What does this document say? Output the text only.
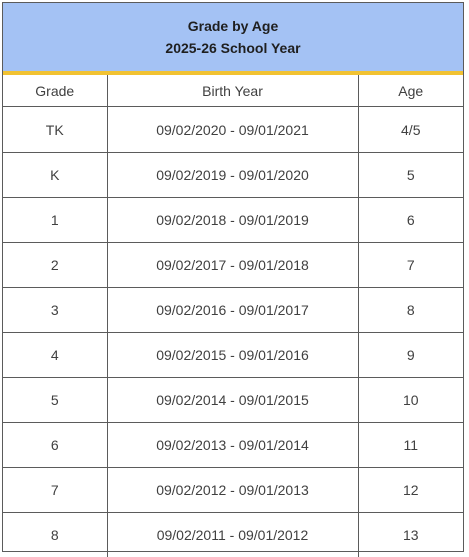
Grade by Age
2025-26 School Year
Grade	Birth Year	Age
TK	09/02/2020 - 09/01/2021	4/5
K	09/02/2019 - 09/01/2020	5
1	09/02/2018 - 09/01/2019	6
2	09/02/2017 - 09/01/2018	7
3	09/02/2016 - 09/01/2017	8
4	09/02/2015 - 09/01/2016	9
5	09/02/2014 - 09/01/2015	10
6	09/02/2013 - 09/01/2014	11
7	09/02/2012 - 09/01/2013	12
8	09/02/2011 - 09/01/2012	13
